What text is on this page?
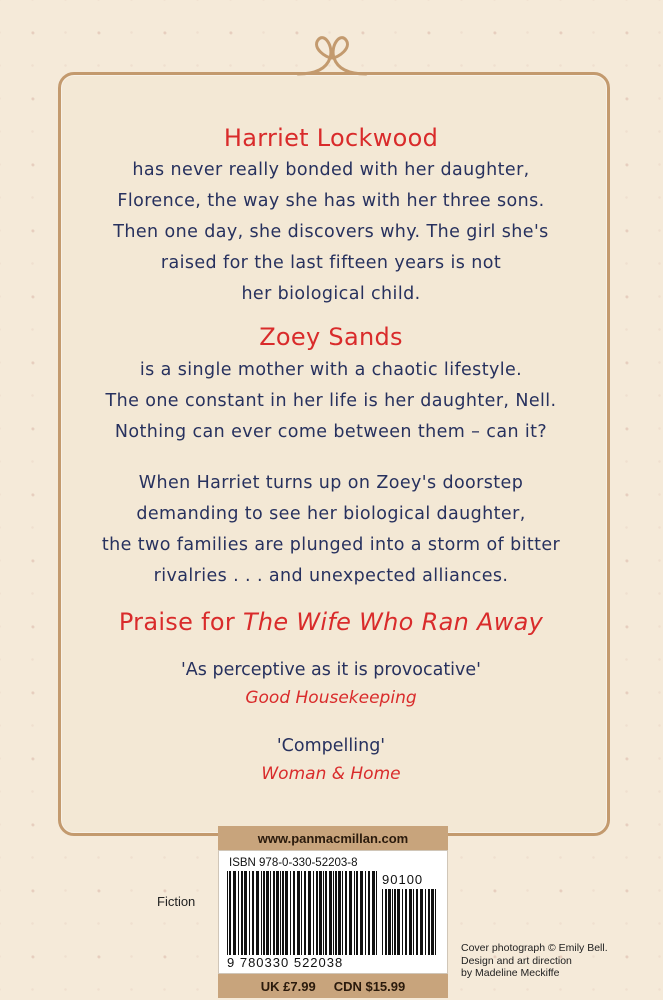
Harriet Lockwood
has never really bonded with her daughter,
Florence, the way she has with her three sons.
Then one day, she discovers why. The girl she's
raised for the last fifteen years is not
her biological child.
Zoey Sands
is a single mother with a chaotic lifestyle.
The one constant in her life is her daughter, Nell.
Nothing can ever come between them – can it?
When Harriet turns up on Zoey's doorstep
demanding to see her biological daughter,
the two families are plunged into a storm of bitter
rivalries . . . and unexpected alliances.
Praise for The Wife Who Ran Away
'As perceptive as it is provocative'
Good Housekeeping
'Compelling'
Woman & Home
www.panmacmillan.com
ISBN 978-0-330-52203-8
90100
9 780330 522038
UK £7.99 CDN $15.99
Fiction
Cover photograph © Emily Bell.
Design and art direction
by Madeline Meckiffe
